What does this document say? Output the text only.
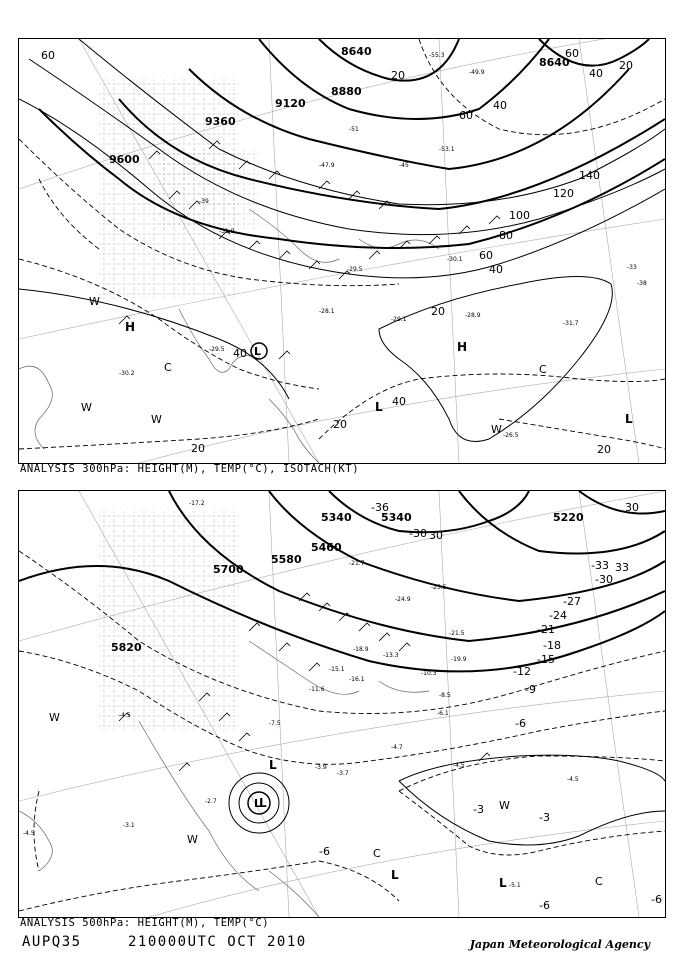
L
8640
8640
8880
9120
9360
9600
60	60
40
20
20
40
60
80
100
120
140
60
40
20
40
20
20
40
20
-55.3
-49.9
-53.1
-51
-47.9	-45
-39
-31.9
-29.5
-28.1
-29.1
-28.9
-31.7
-33
-38
-30.1
-29.5
-30.2
-26.5
H
H
L
L
C	C
W
W
W
W
ANALYSIS 300hPa: HEIGHT(M), TEMP(°C), ISOTACH(KT)
L
5340	5340
5460
5580
5700
5820
5220
-36
-30
-33
-30
-27
-24
-21
-18
-15
-12
-9
-6
-3
-3
-6
-6	-6
30
33
30
-17.2
-21.7
-25.5
-24.9
-21.5
-19.9
-13.3
-10.3
-8.5
-6.1
-4.7
-4.5
-4.5
-5.1
-3.9
-3.7
-7.5
-11.6
-15.1
-16.1
-18.9
-4.5
-2.7
-3.1
-4.5
L
L
L
L
C
C
W
W
W
ANALYSIS 500hPa: HEIGHT(M), TEMP(°C)
AUPQ35	210000UTC OCT 2010	Japan Meteorological Agency
